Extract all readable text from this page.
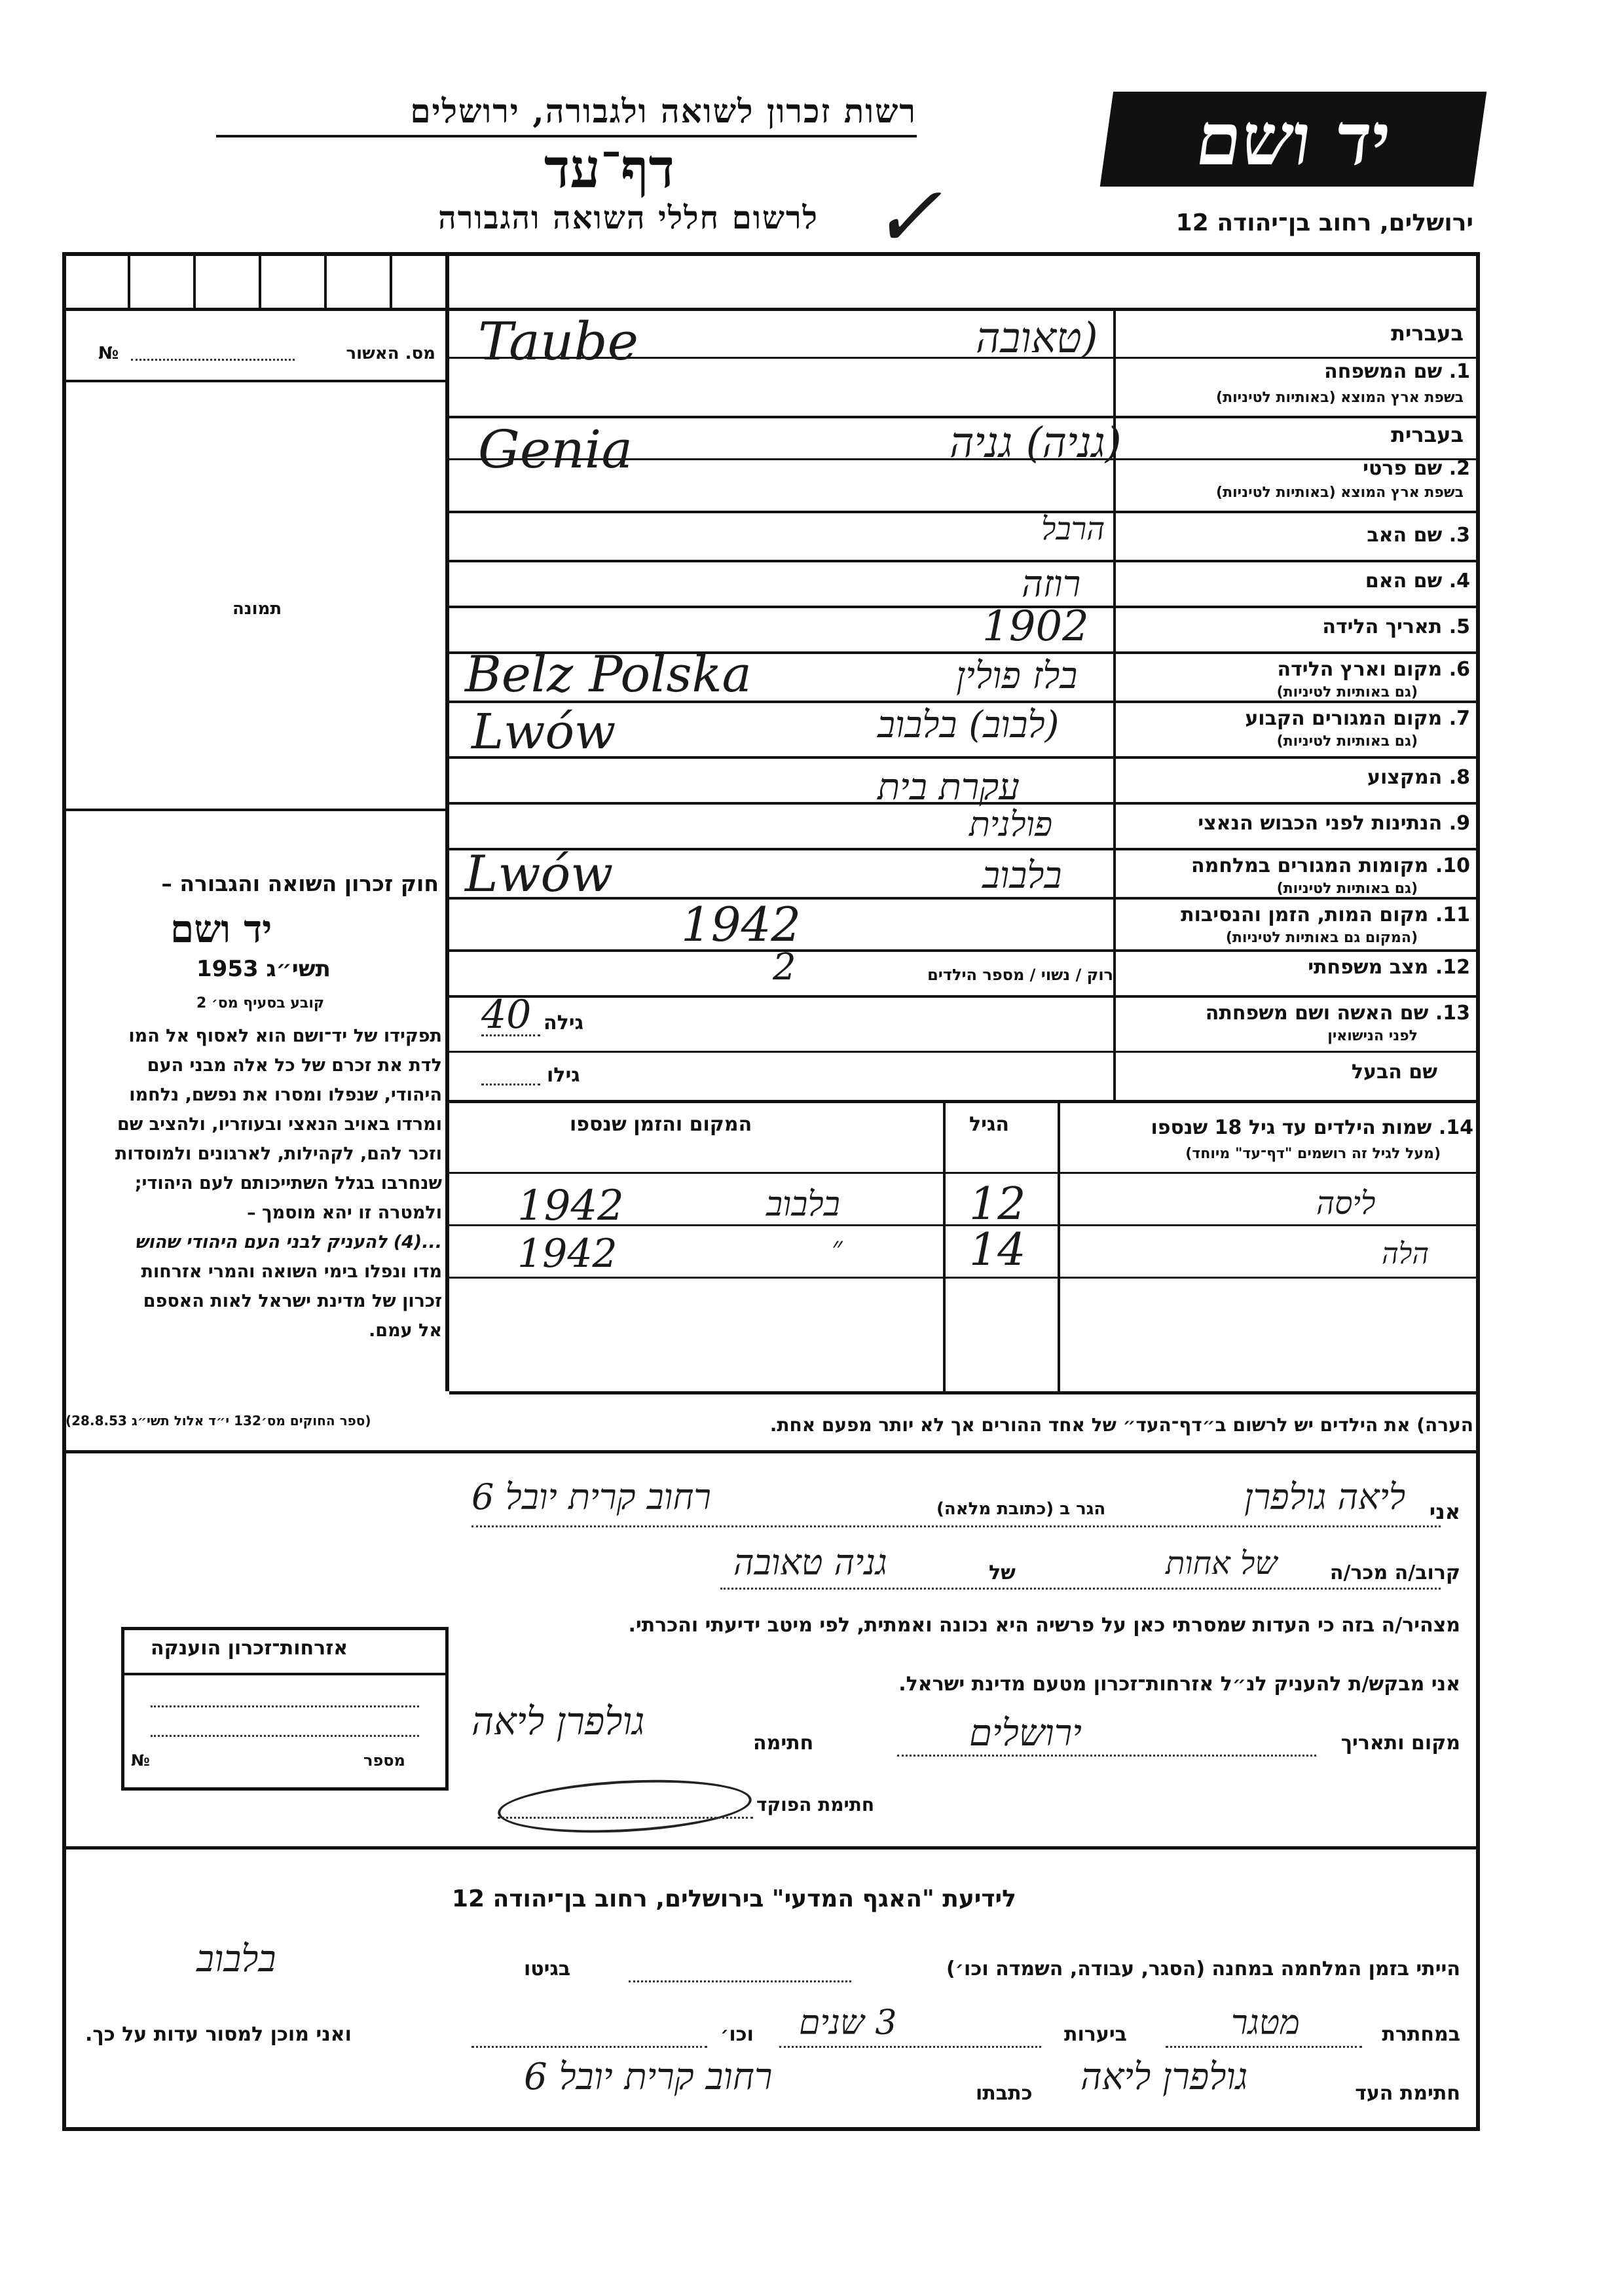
יד ושם
רשות זכרון לשואה ולגבורה, ירושלים
דף־עד
לרשום חללי השואה והגבורה ✓	ירושלים, רחוב בן־יהודה 12
מס. האשור
№
תמונה
חוק זכרון השואה והגבורה –
יד ושם
תשי״ג 1953
קובע בסעיף מס׳ 2
תפקידו של יד־ושם הוא לאסוף אל המו
לדת את זכרם של כל אלה מבני העם
היהודי, שנפלו ומסרו את נפשם, נלחמו
ומרדו באויב הנאצי ובעוזריו, ולהציב שם
וזכר להם, לקהילות, לארגונים ולמוסדות
שנחרבו בגלל השתייכותם לעם היהודי;
ולמטרה זו יהא מוסמך –
...(4) להעניק לבני העם היהודי שהוש
מדו ונפלו בימי השואה והמרי אזרחות
זכרון של מדינת ישראל לאות האספם
אל עמם.
(ספר החוקים מס׳132 י״ד אלול תשי״ג 28.8.53)
בעברית
1. שם המשפחה
בשפת ארץ המוצא (באותיות לטיניות)
בעברית
2. שם פרטי
בשפת ארץ המוצא (באותיות לטיניות)
3. שם האב
4. שם האם
5. תאריך הלידה
6. מקום וארץ הלידה
(גם באותיות לטיניות)
7. מקום המגורים הקבוע
(גם באותיות לטיניות)
8. המקצוע
9. הנתינות לפני הכבוש הנאצי
10. מקומות המגורים במלחמה
(גם באותיות לטיניות)
11. מקום המות, הזמן והנסיבות
(המקום גם באותיות לטיניות)
12. מצב משפחתי
13. שם האשה ושם משפחתה
לפני הנישואין
שם הבעל
(טאובה
Taube
(גניה) גניה
Genia
הרבל
רוזה
1902
בלז פולין
Belz Polska
(לבוב) בלבוב
Lwów
עקרת בית
פולנית
בלבוב
Lwów
1942
רוק / נשוי / מספר הילדים
2
גילה
40
גילו
14. שמות הילדים עד גיל 18 שנספו
(מעל לגיל זה רושמים "דף־עד" מיוחד)
הגיל
המקום והזמן שנספו
ליסה
12
בלבוב
1942
הלה
14
״
1942
הערה) את הילדים יש לרשום ב״דף־העד״ של אחד ההורים אך לא יותר מפעם אחת.
אני
ליאה גולפרן
הגר ב (כתובת מלאה)
רחוב קרית יובל 6
קרוב/ה מכר/ה
של אחות
של
גניה טאובה
מצהיר/ה בזה כי העדות שמסרתי כאן על פרשיה היא נכונה ואמתית, לפי מיטב ידיעתי והכרתי.
אני מבקש/ת להעניק לנ״ל אזרחות־זכרון מטעם מדינת ישראל.
מקום ותאריך
ירושלים
חתימה
גולפרן ליאה
חתימת הפוקד
אזרחות־זכרון הוענקה
מספר
№
לידיעת "האגף המדעי" בירושלים, רחוב בן־יהודה 12
הייתי בזמן המלחמה במחנה (הסגר, עבודה, השמדה וכו׳)
בגיטו
בלבוב
במחתרת
מטגר
ביערות
3 שנים
וכו׳
ואני מוכן למסור עדות על כך.
חתימת העד
גולפרן ליאה
כתבתו
רחוב קרית יובל 6
